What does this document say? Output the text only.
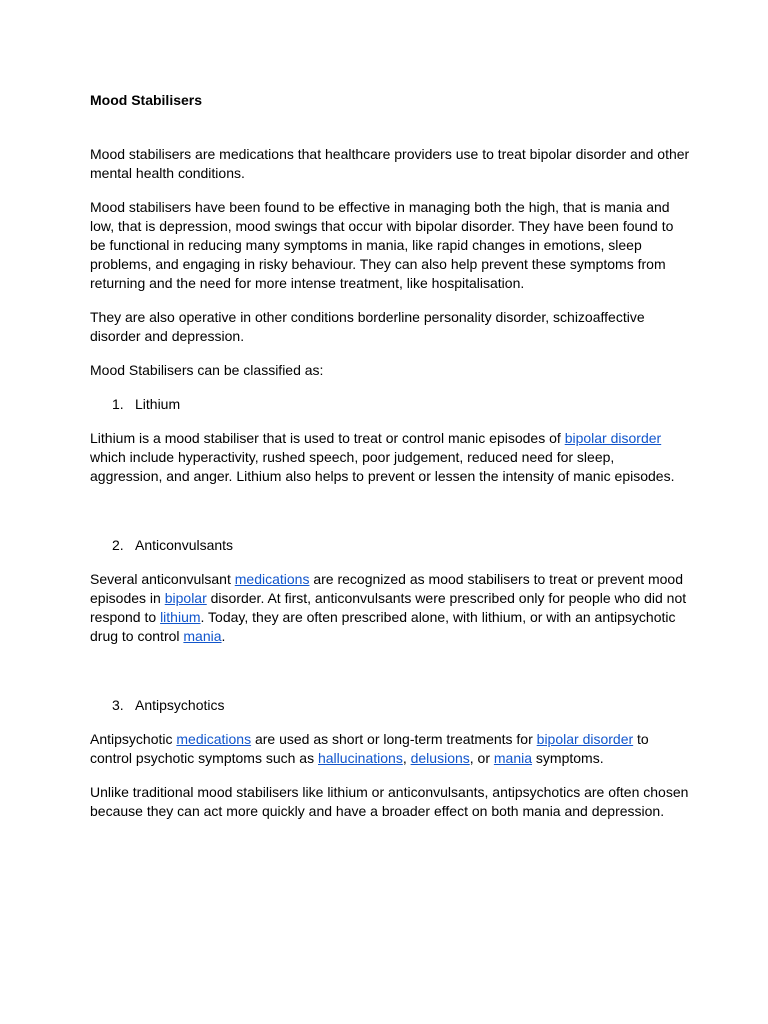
Mood Stabilisers

Mood stabilisers are medications that healthcare providers use to treat bipolar disorder and other mental health conditions.

Mood stabilisers have been found to be effective in managing both the high, that is mania and low, that is depression, mood swings that occur with bipolar disorder. They have been found to be functional in reducing many symptoms in mania, like rapid changes in emotions, sleep problems, and engaging in risky behaviour. They can also help prevent these symptoms from returning and the need for more intense treatment, like hospitalisation.

They are also operative in other conditions borderline personality disorder, schizoaffective disorder and depression.

Mood Stabilisers can be classified as:

1. Lithium

Lithium is a mood stabiliser that is used to treat or control manic episodes of bipolar disorder which include hyperactivity, rushed speech, poor judgement, reduced need for sleep, aggression, and anger. Lithium also helps to prevent or lessen the intensity of manic episodes.

2. Anticonvulsants

Several anticonvulsant medications are recognized as mood stabilisers to treat or prevent mood episodes in bipolar disorder. At first, anticonvulsants were prescribed only for people who did not respond to lithium. Today, they are often prescribed alone, with lithium, or with an antipsychotic drug to control mania.

3. Antipsychotics

Antipsychotic medications are used as short or long-term treatments for bipolar disorder to control psychotic symptoms such as hallucinations, delusions, or mania symptoms.

Unlike traditional mood stabilisers like lithium or anticonvulsants, antipsychotics are often chosen because they can act more quickly and have a broader effect on both mania and depression.
